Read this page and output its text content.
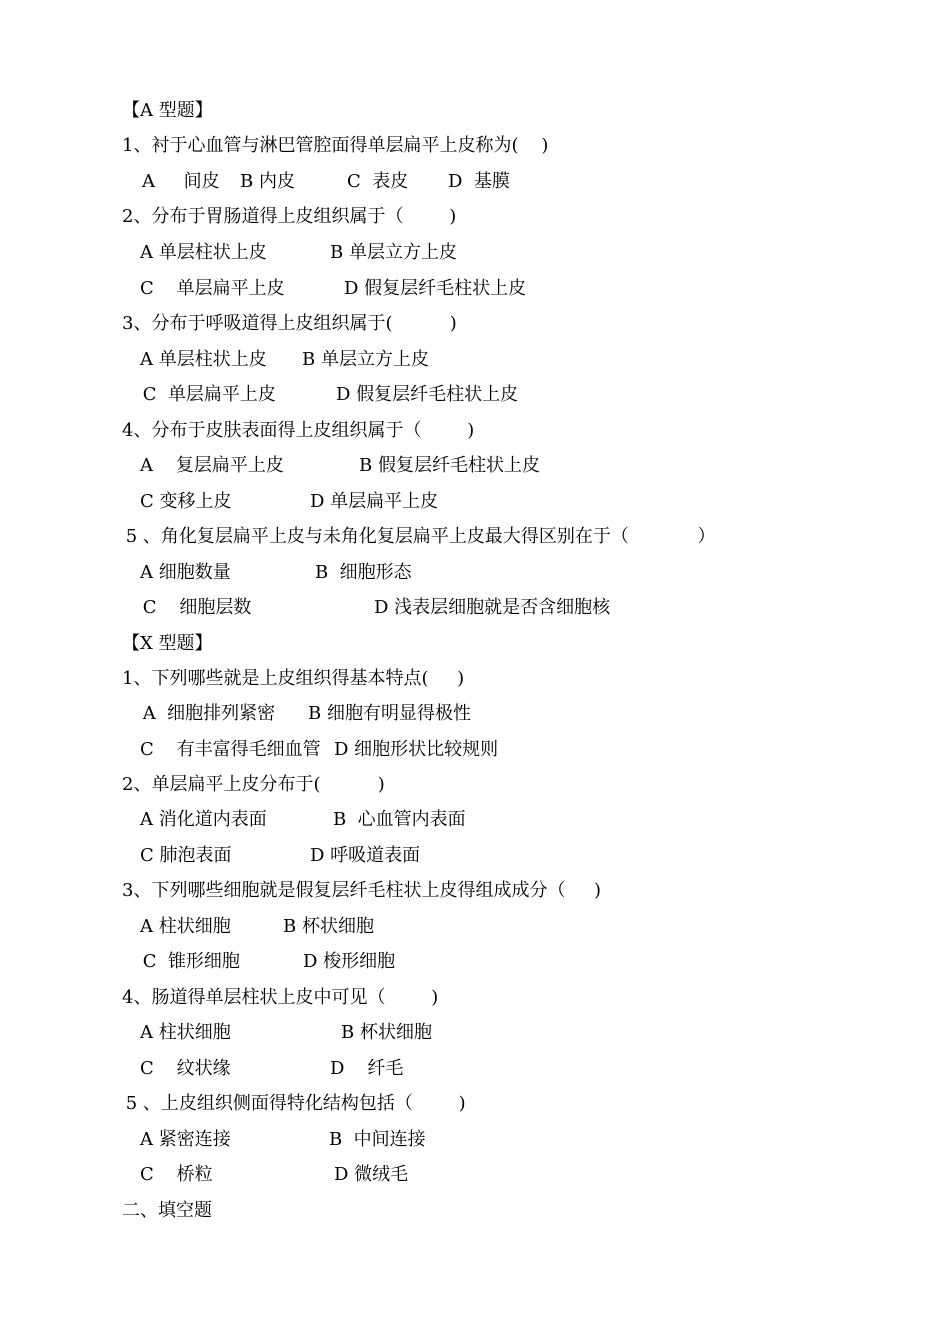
【A 型题】
1、衬于心血管与淋巴管腔面得单层扁平上皮称为(    )
A     间皮 B 内皮	C  表皮 D  基膜
2、分布于胃肠道得上皮组织属于（        )
A 单层柱状上皮	B 单层立方上皮
C    单层扁平上皮	D 假复层纤毛柱状上皮
3、分布于呼吸道得上皮组织属于(          )
A 单层柱状上皮 B 单层立方上皮
C  单层扁平上皮	D 假复层纤毛柱状上皮
4、分布于皮肤表面得上皮组织属于（        )
A    复层扁平上皮	B 假复层纤毛柱状上皮
C 变移上皮	D 单层扁平上皮
5 、角化复层扁平上皮与未角化复层扁平上皮最大得区别在于（            ）
A 细胞数量	B  细胞形态
C    细胞层数	D 浅表层细胞就是否含细胞核
【X 型题】
1、下列哪些就是上皮组织得基本特点(     )
A  细胞排列紧密 B 细胞有明显得极性
C    有丰富得毛细血管 D 细胞形状比较规则
2、单层扁平上皮分布于(          )
A 消化道内表面	B  心血管内表面
C 肺泡表面	D 呼吸道表面
3、下列哪些细胞就是假复层纤毛柱状上皮得组成成分（     )
A 柱状细胞	B 杯状细胞
C  锥形细胞	D 梭形细胞
4、肠道得单层柱状上皮中可见（        )
A 柱状细胞	B 杯状细胞
C    纹状缘	D    纤毛
5 、上皮组织侧面得特化结构包括（        )
A 紧密连接	B  中间连接
C    桥粒	D 微绒毛
二、填空题
